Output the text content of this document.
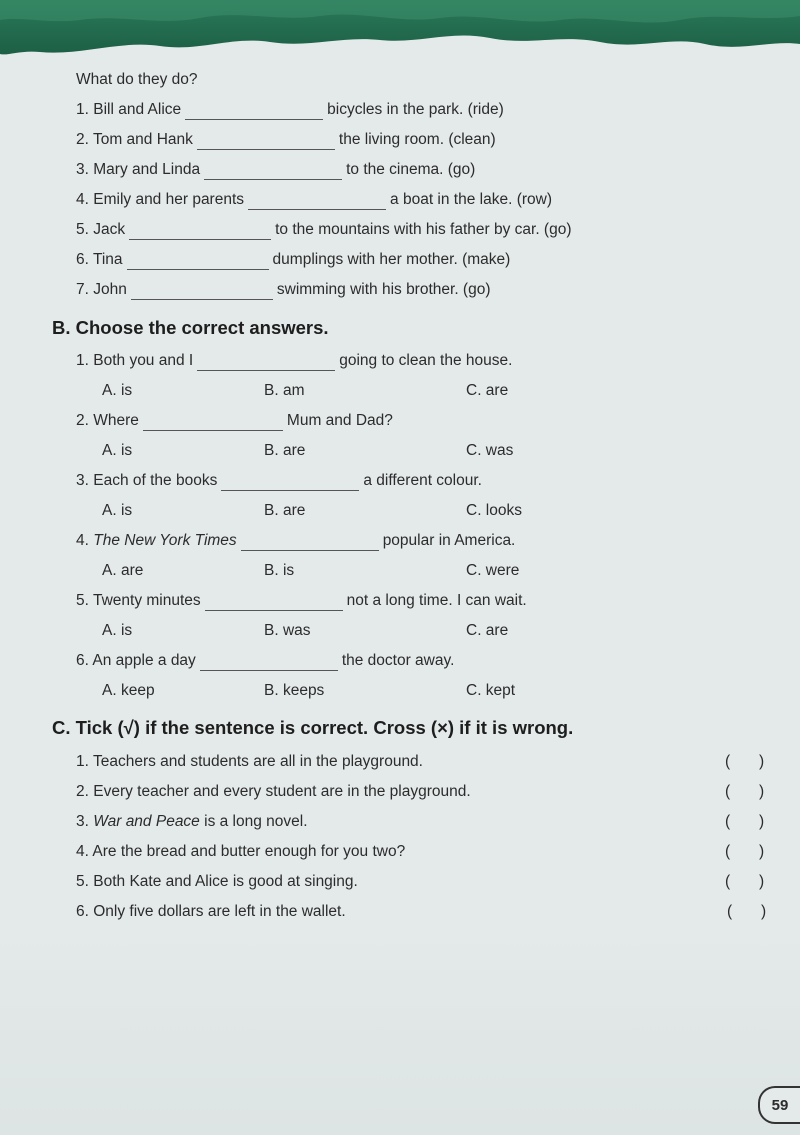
What do they do?
1. Bill and Alice	bicycles in the park. (ride)
2. Tom and Hank	the living room. (clean)
3. Mary and Linda	to the cinema. (go)
4. Emily and her parents	a boat in the lake. (row)
5. Jack	to the mountains with his father by car. (go)
6. Tina	dumplings with her mother. (make)
7. John	swimming with his brother. (go)
B. Choose the correct answers.
1. Both you and I	going to clean the house.
A. is	B. am	C. are
2. Where	Mum and Dad?
A. is	B. are	C. was
3. Each of the books	a different colour.
A. is	B. are	C. looks
4. The New York Times	popular in America.
A. are	B. is	C. were
5. Twenty minutes	not a long time. I can wait.
A. is	B. was	C. are
6. An apple a day	the doctor away.
A. keep	B. keeps	C. kept
C. Tick (√) if the sentence is correct. Cross (×) if it is wrong.
1. Teachers and students are all in the playground.	( )
2. Every teacher and every student are in the playground.	( )
3. War and Peace is a long novel.	( )
4. Are the bread and butter enough for you two?	( )
5. Both Kate and Alice is good at singing.	( )
6. Only five dollars are left in the wallet.	( )
59
